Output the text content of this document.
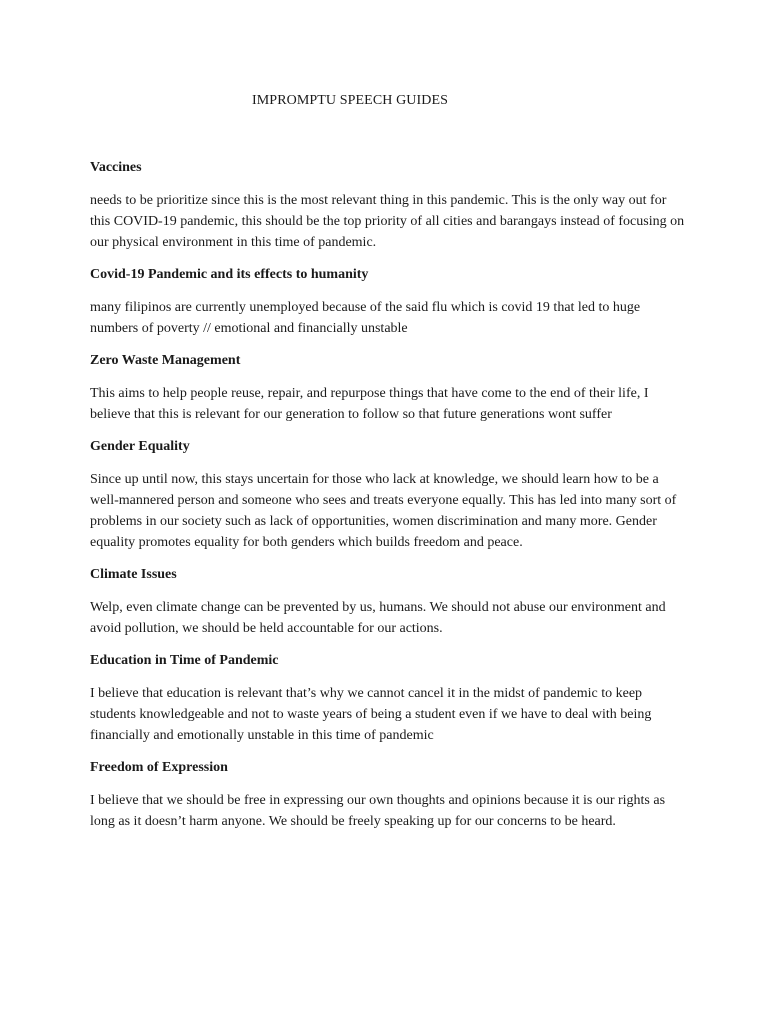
IMPROMPTU SPEECH GUIDES
Vaccines
needs to be prioritize since this is the most relevant thing in this pandemic. This is the only way out for this COVID-19 pandemic, this should be the top priority of all cities and barangays instead of focusing on our physical environment in this time of pandemic.
Covid-19 Pandemic and its effects to humanity
many filipinos are currently unemployed because of the said flu which is covid 19 that led to huge numbers of poverty // emotional and financially unstable
Zero Waste Management
This aims to help people reuse, repair, and repurpose things that have come to the end of their life, I believe that this is relevant for our generation to follow so that future generations wont suffer
Gender Equality
Since up until now, this stays uncertain for those who lack at knowledge, we should learn how to be a well-mannered person and someone who sees and treats everyone equally. This has led into many sort of problems in our society such as lack of opportunities, women discrimination and many more. Gender equality promotes equality for both genders which builds freedom and peace.
Climate Issues
Welp, even climate change can be prevented by us, humans. We should not abuse our environment and avoid pollution, we should be held accountable for our actions.
Education in Time of Pandemic
I believe that education is relevant that’s why we cannot cancel it in the midst of pandemic to keep students knowledgeable and not to waste years of being a student even if we have to deal with being financially and emotionally unstable in this time of pandemic
Freedom of Expression
I believe that we should be free in expressing our own thoughts and opinions because it is our rights as long as it doesn’t harm anyone. We should be freely speaking up for our concerns to be heard.
